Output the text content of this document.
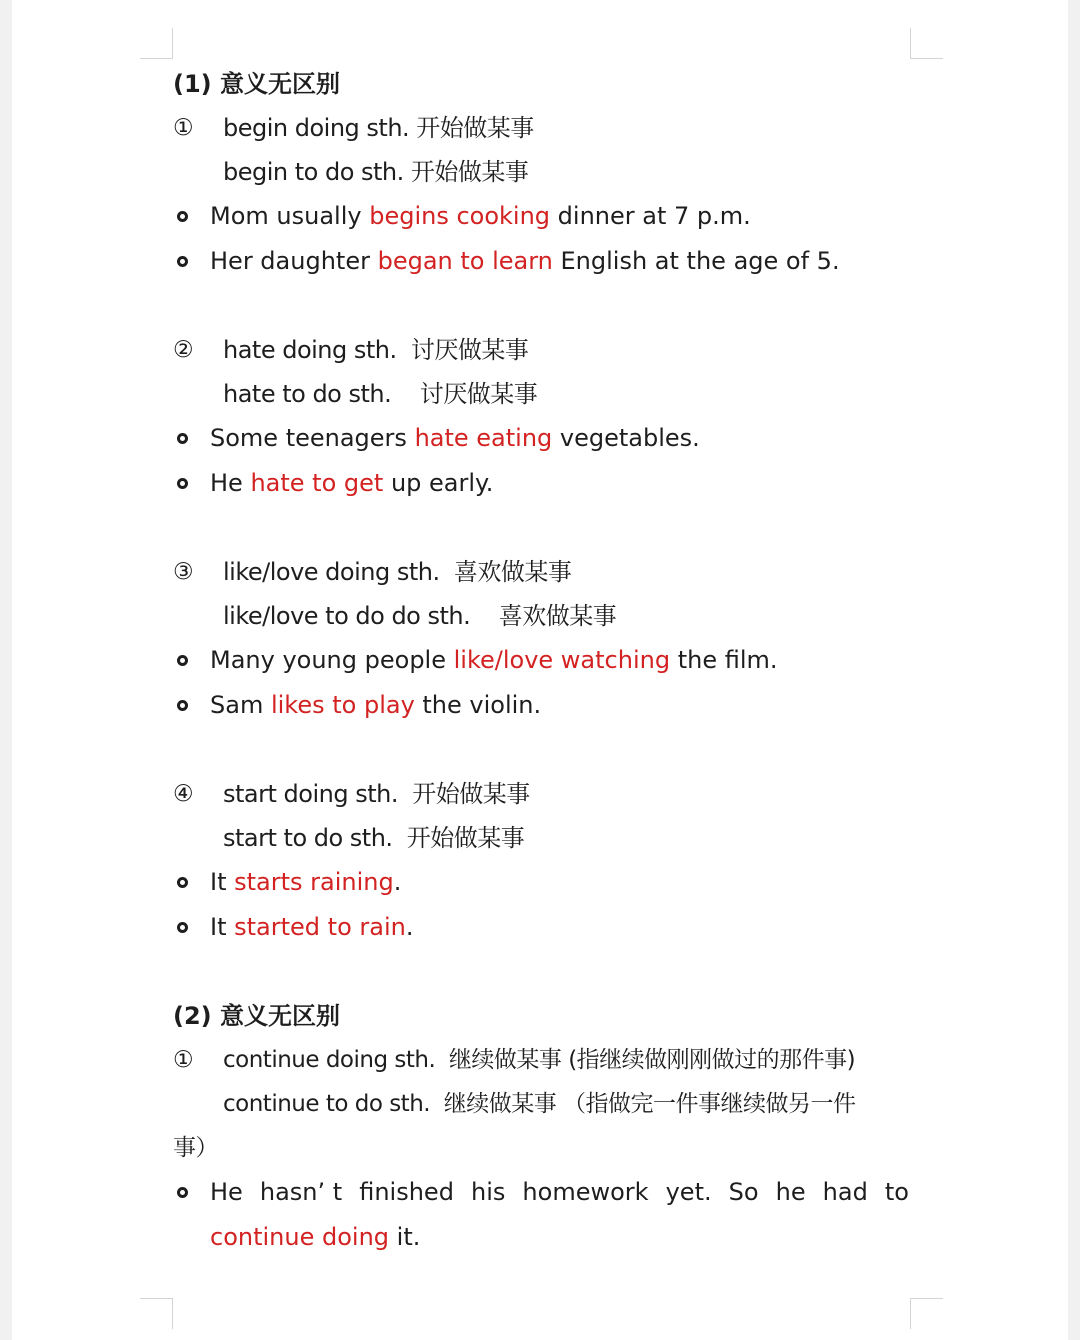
(1) 意义无区别
①	begin doing sth. 开始做某事
begin to do sth. 开始做某事
Mom usually begins cooking dinner at 7 p.m.
Her daughter began to learn English at the age of 5.
②	hate doing sth.  讨厌做某事
hate to do sth.    讨厌做某事
Some teenagers hate eating vegetables.
He hate to get up early.
③	like/love doing sth.  喜欢做某事
like/love to do do sth.    喜欢做某事
Many young people like/love watching the film.
Sam likes to play the violin.
④	start doing sth.  开始做某事
start to do sth.  开始做某事
It starts raining.
It started to rain.
(2) 意义无区别
①	continue doing sth.  继续做某事 (指继续做刚刚做过的那件事)
continue to do sth.  继续做某事 （指做完一件事继续做另一件
事）
He hasn’ t finished his homework yet. So he had to
continue doing it.
